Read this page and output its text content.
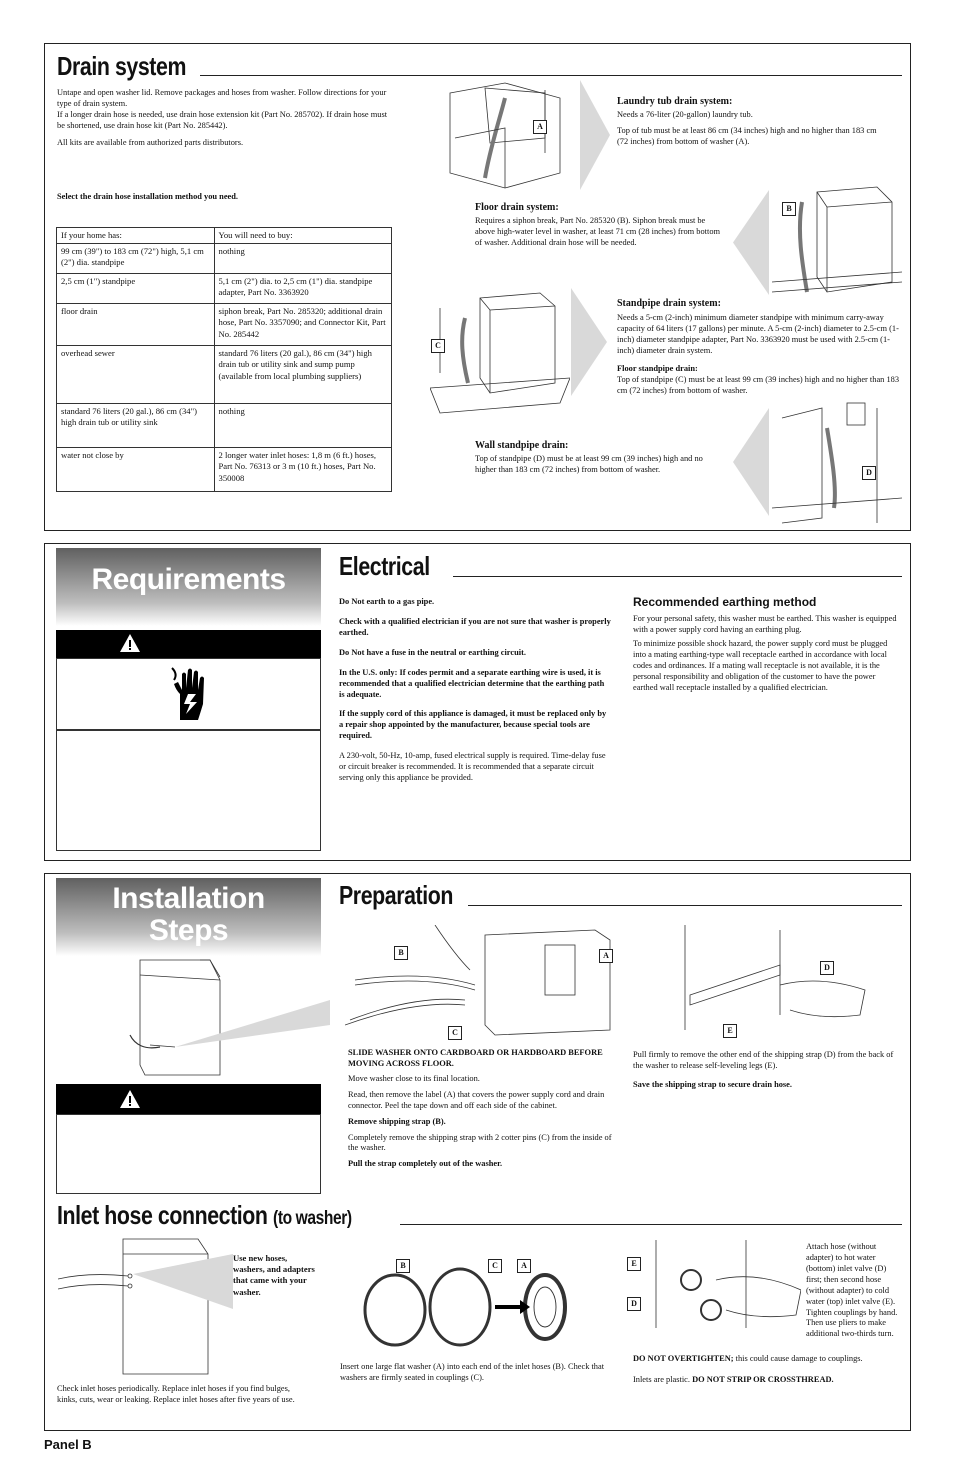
Drain system

Untape and open washer lid. Remove packages and hoses from washer. Follow directions for your type of drain system.

If a longer drain hose is needed, use drain hose extension kit (Part No. 285702). If drain hose must be shortened, use drain hose kit (Part No. 285442).

All kits are available from authorized parts distributors.

Select the drain hose installation method you need.
If your home has:	You will need to buy:
99 cm (39") to 183 cm (72") high, 5,1 cm (2") dia. standpipe	nothing
2,5 cm (1") standpipe	5,1 cm (2") dia. to 2,5 cm (1") dia. standpipe adapter, Part No. 3363920
floor drain	siphon break, Part No. 285320; additional drain hose, Part No. 3357090; and Connector Kit, Part No. 285442
overhead sewer	standard 76 liters (20 gal.), 86 cm (34") high drain tub or utility sink and sump pump (available from local plumbing suppliers)
standard 76 liters (20 gal.), 86 cm (34") high drain tub or utility sink	nothing
water not close by	2 longer water inlet hoses: 1,8 m (6 ft.) hoses, Part No. 76313 or 3 m (10 ft.) hoses, Part No. 350008
A
Laundry tub drain system:
Needs a 76-liter (20-gallon) laundry tub.
Top of tub must be at least 86 cm (34 inches) high and no higher than 183 cm (72 inches) from bottom of washer (A).
Floor drain system:
Requires a siphon break, Part No. 285320 (B). Siphon break must be above high-water level in washer, at least 71 cm (28 inches) from bottom of washer. Additional drain hose will be needed.
B
C
Standpipe drain system:
Needs a 5-cm (2-inch) minimum diameter standpipe with minimum carry-away capacity of 64 liters (17 gallons) per minute. A 5-cm (2-inch) diameter to 2.5-cm (1-inch) diameter standpipe adapter, Part No. 3363920 must be used with 2.5-cm (1-inch) diameter drain system.
Floor standpipe drain:
Top of standpipe (C) must be at least 99 cm (39 inches) high and no higher than 183 cm (72 inches) from bottom of washer.
Wall standpipe drain:
Top of standpipe (D) must be at least 99 cm (39 inches) high and no higher than 183 cm (72 inches) from bottom of washer.	D
Requirements	Electrical

Do Not earth to a gas pipe.

Check with a qualified electrician if you are not sure that washer is properly earthed.

Do Not have a fuse in the neutral or earthing circuit.

In the U.S. only: If codes permit and a separate earthing wire is used, it is recommended that a qualified electrician determine that the earthing path is adequate.

If the supply cord of this appliance is damaged, it must be replaced only by a repair shop appointed by the manufacturer, because special tools are required.

A 230-volt, 50-Hz, 10-amp, fused electrical supply is required. Time-delay fuse or circuit breaker is recommended. It is recommended that a separate circuit serving only this appliance be provided.

Recommended earthing method

For your personal safety, this washer must be earthed. This washer is equipped with a power supply cord having an earthing plug.

To minimize possible shock hazard, the power supply cord must be plugged into a mating earthing-type wall receptacle earthed in accordance with local codes and ordinances. If a mating wall receptacle is not available, it is the personal responsibility and obligation of the customer to have the power earthed wall receptacle installed by a qualified electrician.

Installation
Steps
Preparation
B	A
C
D
E

SLIDE WASHER ONTO CARDBOARD OR HARDBOARD BEFORE MOVING ACROSS FLOOR.

Move washer close to its final location.

Read, then remove the label (A) that covers the power supply cord and drain connector. Peel the tape down and off each side of the cabinet.

Remove shipping strap (B).

Completely remove the shipping strap with 2 cotter pins (C) from the inside of the washer.

Pull the strap completely out of the washer.

Pull firmly to remove the other end of the shipping strap (D) from the back of the washer to release self-leveling legs (E).

Save the shipping strap to secure drain hose.

Inlet hose connection (to washer)
Use new hoses, washers, and adapters that came with your washer.
Check inlet hoses periodically. Replace inlet hoses if you find bulges, kinks, cuts, wear or leaking. Replace inlet hoses after five years of use.
B	C	A
Insert one large flat washer (A) into each end of the inlet hoses (B). Check that washers are firmly seated in couplings (C).
E
D
Attach hose (without adapter) to hot water (bottom) inlet valve (D) first; then second hose (without adapter) to cold water (top) inlet valve (E). Tighten couplings by hand. Then use pliers to make additional two-thirds turn.
DO NOT OVERTIGHTEN; this could cause damage to couplings.
Inlets are plastic. DO NOT STRIP OR CROSSTHREAD.
Panel B
